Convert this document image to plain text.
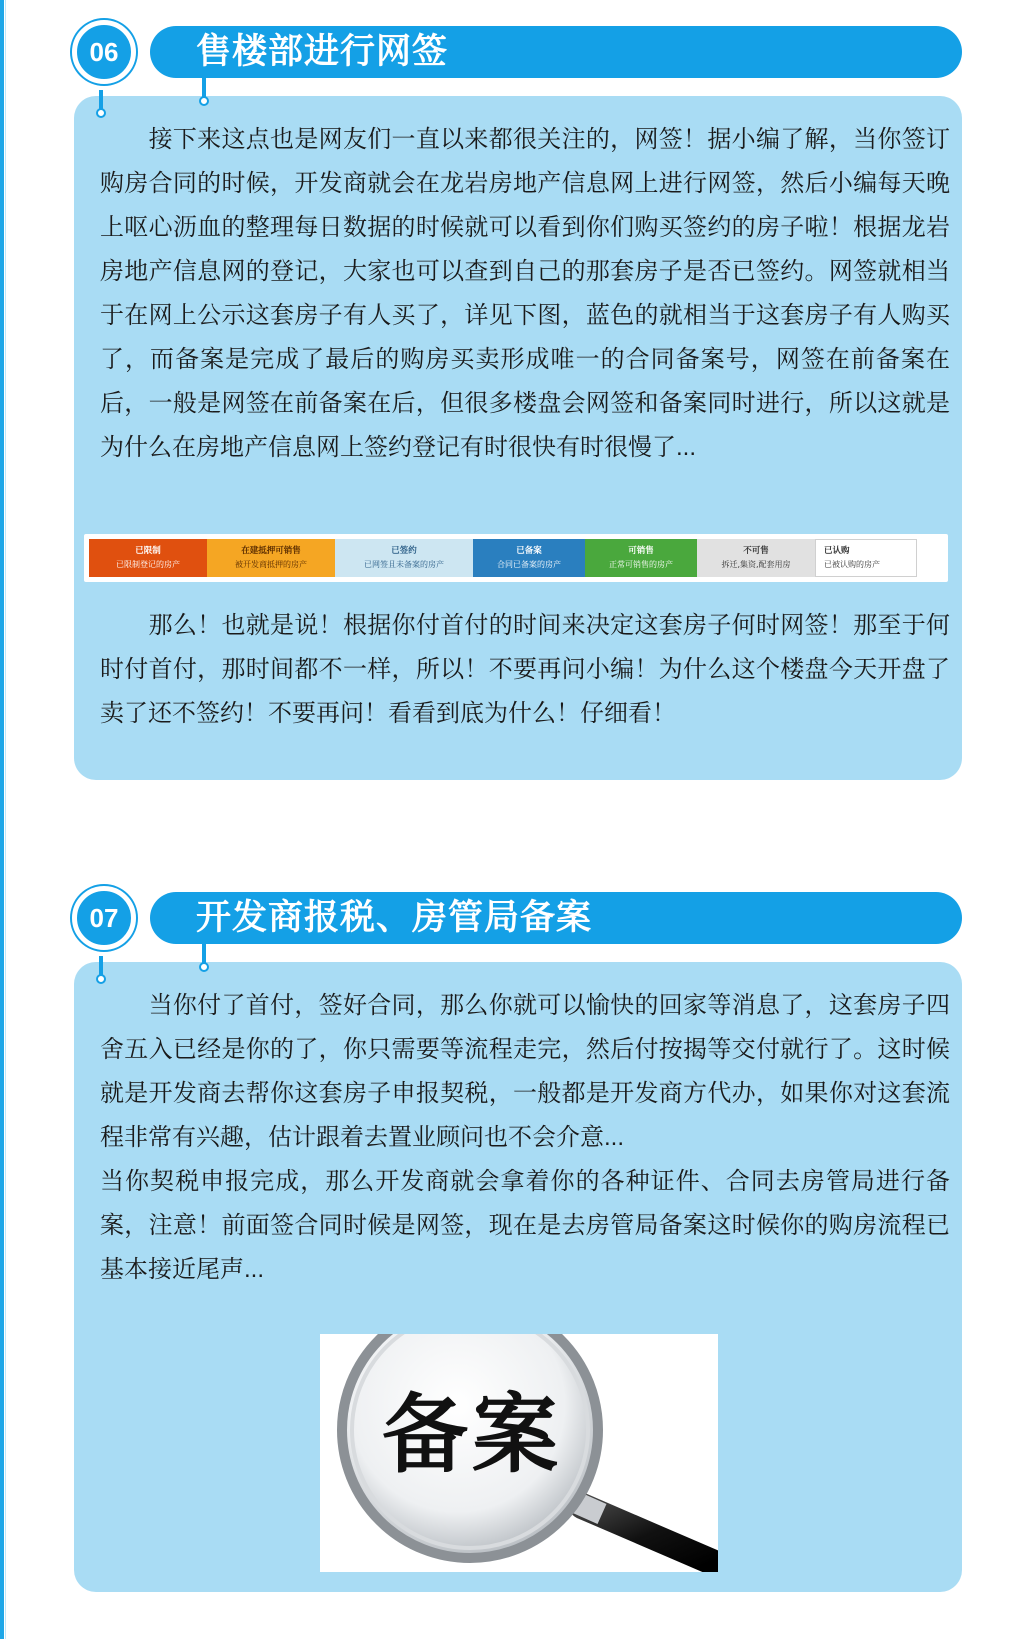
售楼部进行网签
06

　　接下来这点也是网友们一直以来都很关注的，网签！据小编了解，当你签订购房合同的时候，开发商就会在龙岩房地产信息网上进行网签，然后小编每天晚上呕心沥血的整理每日数据的时候就可以看到你们购买签约的房子啦！根据龙岩房地产信息网的登记，大家也可以查到自己的那套房子是否已签约。网签就相当于在网上公示这套房子有人买了，详见下图，蓝色的就相当于这套房子有人购买了，而备案是完成了最后的购房买卖形成唯一的合同备案号，网签在前备案在后，一般是网签在前备案在后，但很多楼盘会网签和备案同时进行，所以这就是为什么在房地产信息网上签约登记有时很快有时很慢了...

已限制
已限制登记的房产
在建抵押可销售
被开发商抵押的房产
已签约
已网签且未备案的房产
已备案
合同已备案的房产
可销售
正常可销售的房产
不可售
拆迁,集资,配套用房
已认购
已被认购的房产

　　那么！也就是说！根据你付首付的时间来决定这套房子何时网签！那至于何时付首付，那时间都不一样，所以！不要再问小编！为什么这个楼盘今天开盘了卖了还不签约！不要再问！看看到底为什么！仔细看！

开发商报税、房管局备案
07

　　当你付了首付，签好合同，那么你就可以愉快的回家等消息了，这套房子四舍五入已经是你的了，你只需要等流程走完，然后付按揭等交付就行了。这时候就是开发商去帮你这套房子申报契税，一般都是开发商方代办，如果你对这套流程非常有兴趣，估计跟着去置业顾问也不会介意...

当你契税申报完成，那么开发商就会拿着你的各种证件、合同去房管局进行备案，注意！前面签合同时候是网签，现在是去房管局备案这时候你的购房流程已基本接近尾声...

备案
